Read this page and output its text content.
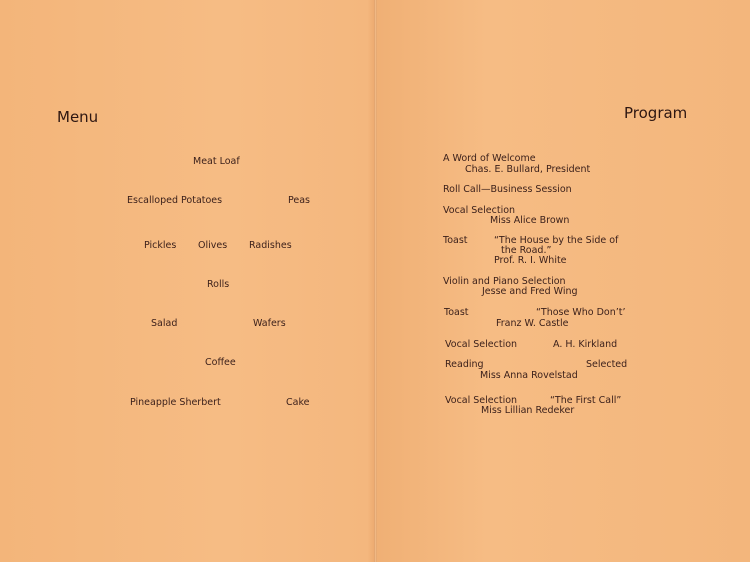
Menu
Meat Loaf
Escalloped Potatoes	Peas
Pickles Olives Radishes
Rolls
Salad	Wafers
Coffee
Pineapple Sherbert	Cake
Program
A Word of Welcome
Chas. E. Bullard, President
Roll Call—Business Session
Vocal Selection
Miss Alice Brown
Toast	“The House by the Side of
the Road.”
Prof. R. I. White
Violin and Piano Selection
Jesse and Fred Wing
Toast	“Those Who Don’t’
Franz W. Castle
Vocal Selection	A. H. Kirkland
Reading	Selected
Miss Anna Rovelstad
Vocal Selection	“The First Call”
Miss Lillian Redeker
